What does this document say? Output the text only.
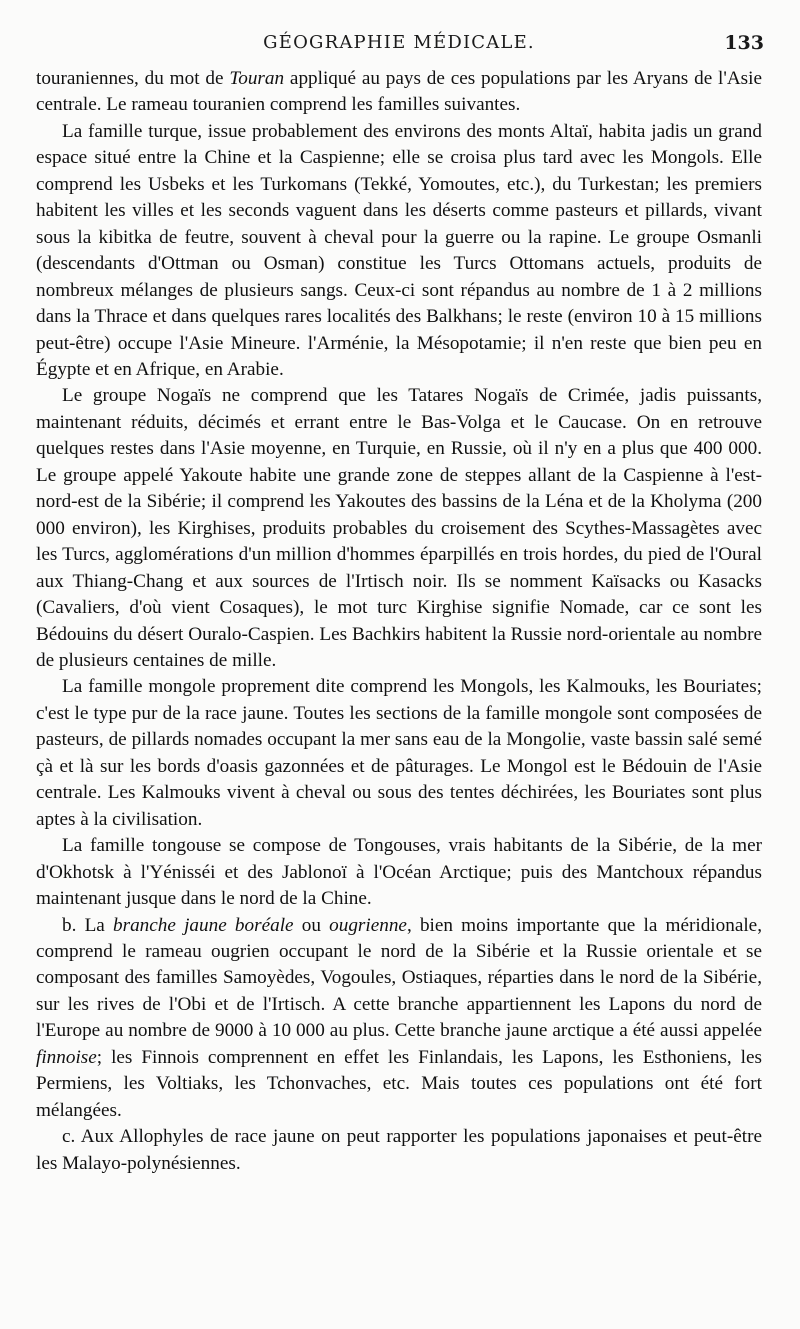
GÉOGRAPHIE MÉDICALE.	133

touraniennes, du mot de Touran appliqué au pays de ces populations par les Aryans de l'Asie centrale. Le rameau touranien comprend les familles suivantes.

La famille turque, issue probablement des environs des monts Altaï, habita jadis un grand espace situé entre la Chine et la Caspienne; elle se croisa plus tard avec les Mongols. Elle comprend les Usbeks et les Turkomans (Tekké, Yomoutes, etc.), du Turkestan; les premiers habitent les villes et les seconds vaguent dans les déserts comme pasteurs et pillards, vivant sous la kibitka de feutre, souvent à cheval pour la guerre ou la rapine. Le groupe Osmanli (descendants d'Ottman ou Osman) constitue les Turcs Ottomans actuels, produits de nombreux mélanges de plusieurs sangs. Ceux-ci sont répandus au nombre de 1 à 2 millions dans la Thrace et dans quelques rares localités des Balkhans; le reste (environ 10 à 15 millions peut-être) occupe l'Asie Mineure. l'Arménie, la Mésopotamie; il n'en reste que bien peu en Égypte et en Afrique, en Arabie.

Le groupe Nogaïs ne comprend que les Tatares Nogaïs de Crimée, jadis puissants, maintenant réduits, décimés et errant entre le Bas-Volga et le Caucase. On en retrouve quelques restes dans l'Asie moyenne, en Turquie, en Russie, où il n'y en a plus que 400 000. Le groupe appelé Yakoute habite une grande zone de steppes allant de la Caspienne à l'est-nord-est de la Sibérie; il comprend les Yakoutes des bassins de la Léna et de la Kholyma (200 000 environ), les Kirghises, produits probables du croisement des Scythes-Massagètes avec les Turcs, agglomérations d'un million d'hommes éparpillés en trois hordes, du pied de l'Oural aux Thiang-Chang et aux sources de l'Irtisch noir. Ils se nomment Kaïsacks ou Kasacks (Cavaliers, d'où vient Cosaques), le mot turc Kirghise signifie Nomade, car ce sont les Bédouins du désert Ouralo-Caspien. Les Bachkirs habitent la Russie nord-orientale au nombre de plusieurs centaines de mille.

La famille mongole proprement dite comprend les Mongols, les Kalmouks, les Bouriates; c'est le type pur de la race jaune. Toutes les sections de la famille mongole sont composées de pasteurs, de pillards nomades occupant la mer sans eau de la Mongolie, vaste bassin salé semé çà et là sur les bords d'oasis gazonnées et de pâturages. Le Mongol est le Bédouin de l'Asie centrale. Les Kalmouks vivent à cheval ou sous des tentes déchirées, les Bouriates sont plus aptes à la civilisation.

La famille tongouse se compose de Tongouses, vrais habitants de la Sibérie, de la mer d'Okhotsk à l'Yénisséi et des Jablonoï à l'Océan Arctique; puis des Mantchoux répandus maintenant jusque dans le nord de la Chine.

b. La branche jaune boréale ou ougrienne, bien moins importante que la méridionale, comprend le rameau ougrien occupant le nord de la Sibérie et la Russie orientale et se composant des familles Samoyèdes, Vogoules, Ostiaques, réparties dans le nord de la Sibérie, sur les rives de l'Obi et de l'Irtisch. A cette branche appartiennent les Lapons du nord de l'Europe au nombre de 9000 à 10 000 au plus. Cette branche jaune arctique a été aussi appelée finnoise; les Finnois comprennent en effet les Finlandais, les Lapons, les Esthoniens, les Permiens, les Voltiaks, les Tchonvaches, etc. Mais toutes ces populations ont été fort mélangées.

c. Aux Allophyles de race jaune on peut rapporter les populations japonaises et peut-être les Malayo-polynésiennes.
